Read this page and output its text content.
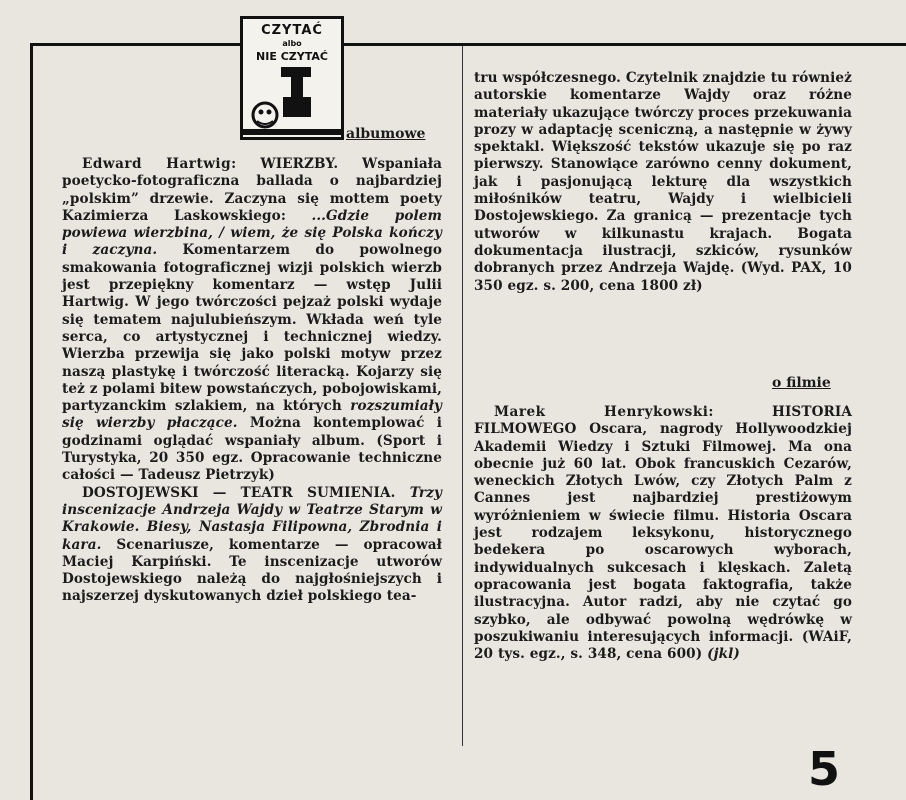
CZYTAĆ
albo
NIE CZYTAĆ
albumowe

Edward Hartwig: WIERZBY. Wspaniała poetycko-fotograficzna ballada o najbardziej „polskim” drzewie. Zaczyna się mottem poety Kazimierza Laskowskiego: ...Gdzie polem powiewa wierzbina, / wiem, że się Polska kończy i zaczyna. Komentarzem do powolnego smakowania fotograficznej wizji polskich wierzb jest przepiękny komentarz — wstęp Julii Hartwig. W jego twórczości pejzaż polski wydaje się tematem najulubieńszym. Wkłada weń tyle serca, co artystycznej i technicznej wiedzy. Wierzba przewija się jako polski motyw przez naszą plastykę i twórczość literacką. Kojarzy się też z polami bitew powstańczych, pobojowiskami, partyzanckim szlakiem, na których rozszumiały się wierzby płaczące. Można kontemplować i godzinami oglądać wspaniały album. (Sport i Turystyka, 20 350 egz. Opracowanie techniczne całości — Tadeusz Pietrzyk)

DOSTOJEWSKI — TEATR SUMIENIA. Trzy inscenizacje Andrzeja Wajdy w Teatrze Starym w Krakowie. Biesy, Nastasja Filipowna, Zbrodnia i kara. Scenariusze, komentarze — opracował Maciej Karpiński. Te inscenizacje utworów Dostojewskiego należą do najgłośniejszych i najszerzej dyskutowanych dzieł polskiego tea-

tru współczesnego. Czytelnik znajdzie tu również autorskie komentarze Wajdy oraz różne materiały ukazujące twórczy proces przekuwania prozy w adaptację sceniczną, a następnie w żywy spektakl. Większość tekstów ukazuje się po raz pierwszy. Stanowiące zarówno cenny dokument, jak i pasjonującą lekturę dla wszystkich miłośników teatru, Wajdy i wielbicieli Dostojewskiego. Za granicą — prezentacje tych utworów w kilkunastu krajach. Bogata dokumentacja ilustracji, szkiców, rysunków dobranych przez Andrzeja Wajdę. (Wyd. PAX, 10 350 egz. s. 200, cena 1800 zł)

o filmie

Marek Henrykowski: HISTORIA FILMOWEGO Oscara, nagrody Hollywoodzkiej Akademii Wiedzy i Sztuki Filmowej. Ma ona obecnie już 60 lat. Obok francuskich Cezarów, weneckich Złotych Lwów, czy Złotych Palm z Cannes jest najbardziej prestiżowym wyróżnieniem w świecie filmu. Historia Oscara jest rodzajem leksykonu, historycznego bedekera po oscarowych wyborach, indywidualnych sukcesach i klęskach. Zaletą opracowania jest bogata faktografia, także ilustracyjna. Autor radzi, aby nie czytać go szybko, ale odbywać powolną wędrówkę w poszukiwaniu interesujących informacji. (WAiF, 20 tys. egz., s. 348, cena 600) (jkl)

5
